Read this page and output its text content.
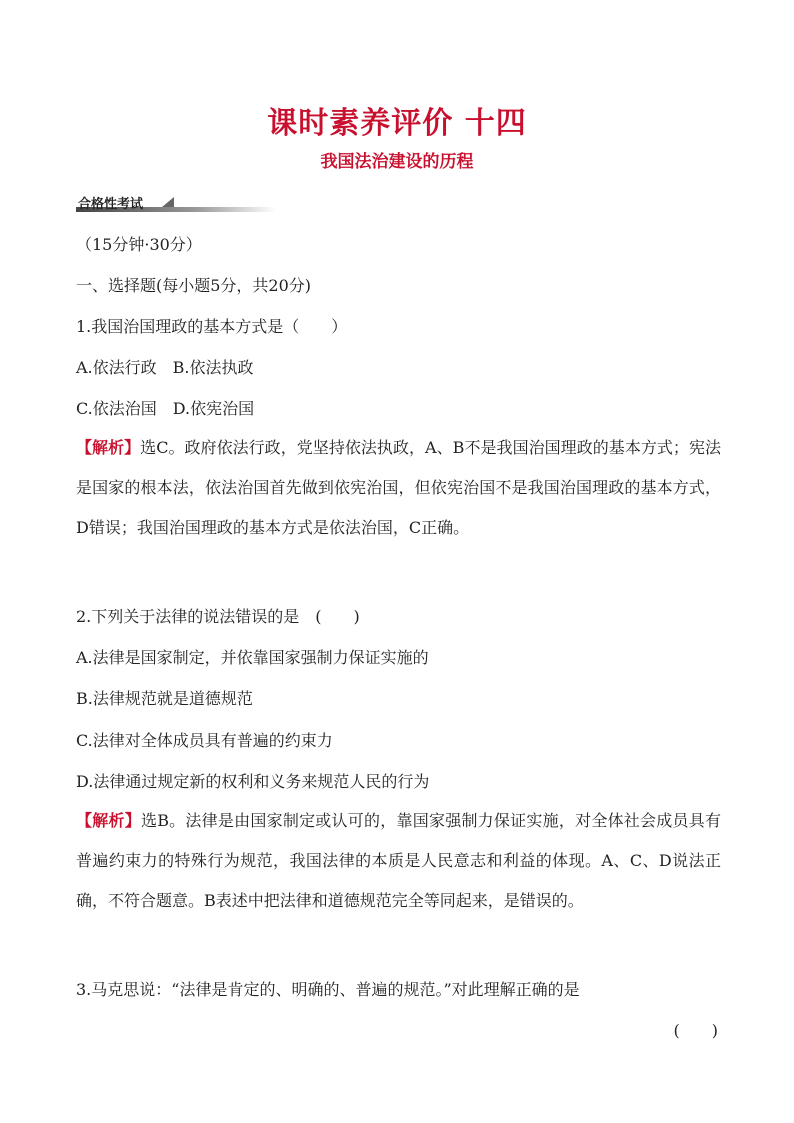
课时素养评价 十四
我国法治建设的历程
合格性考试

（15分钟·30分）

一、选择题(每小题5分，共20分)

1.我国治国理政的基本方式是（　　）

A.依法行政　B.依法执政

C.依法治国　D.依宪治国

【解析】选C。政府依法行政，党坚持依法执政，A、B不是我国治国理政的基本方式；宪法是国家的根本法，依法治国首先做到依宪治国，但依宪治国不是我国治国理政的基本方式，D错误；我国治国理政的基本方式是依法治国，C正确。

2.下列关于法律的说法错误的是　(　　)

A.法律是国家制定，并依靠国家强制力保证实施的

B.法律规范就是道德规范

C.法律对全体成员具有普遍的约束力

D.法律通过规定新的权利和义务来规范人民的行为

【解析】选B。法律是由国家制定或认可的，靠国家强制力保证实施，对全体社会成员具有普遍约束力的特殊行为规范，我国法律的本质是人民意志和利益的体现。A、C、D说法正确，不符合题意。B表述中把法律和道德规范完全等同起来，是错误的。

3.马克思说：“法律是肯定的、明确的、普遍的规范。”对此理解正确的是

(　　)
